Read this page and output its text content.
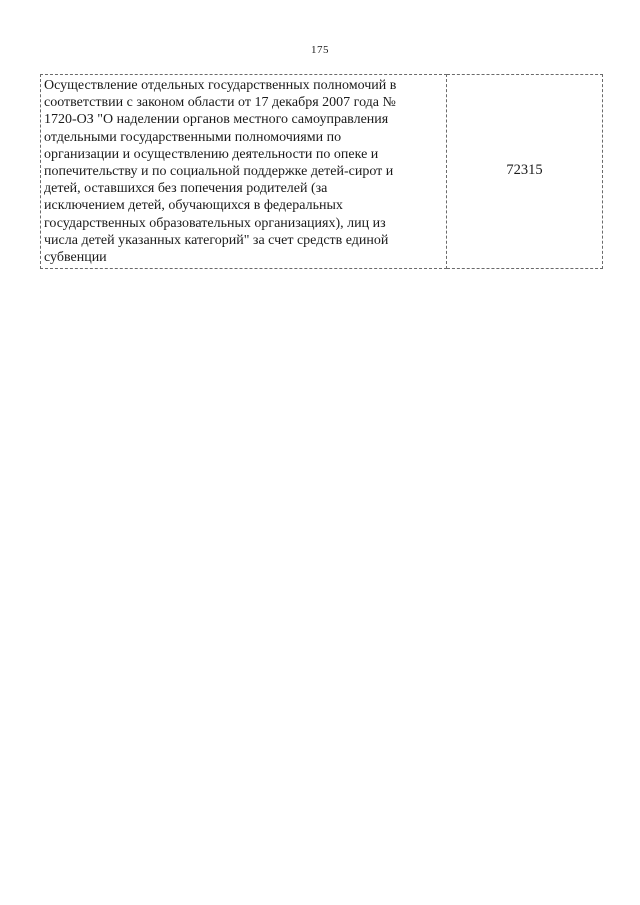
175
Осуществление отдельных государственных полномочий в
соответствии с законом области от 17 декабря 2007 года №
1720-ОЗ "О наделении органов местного самоуправления
отдельными государственными полномочиями по
организации и осуществлению деятельности по опеке и
попечительству и по социальной поддержке детей-сирот и
детей, оставшихся без попечения родителей (за
исключением детей, обучающихся в федеральных
государственных образовательных организациях), лиц из
числа детей указанных категорий" за счет средств единой
субвенции
	72315
